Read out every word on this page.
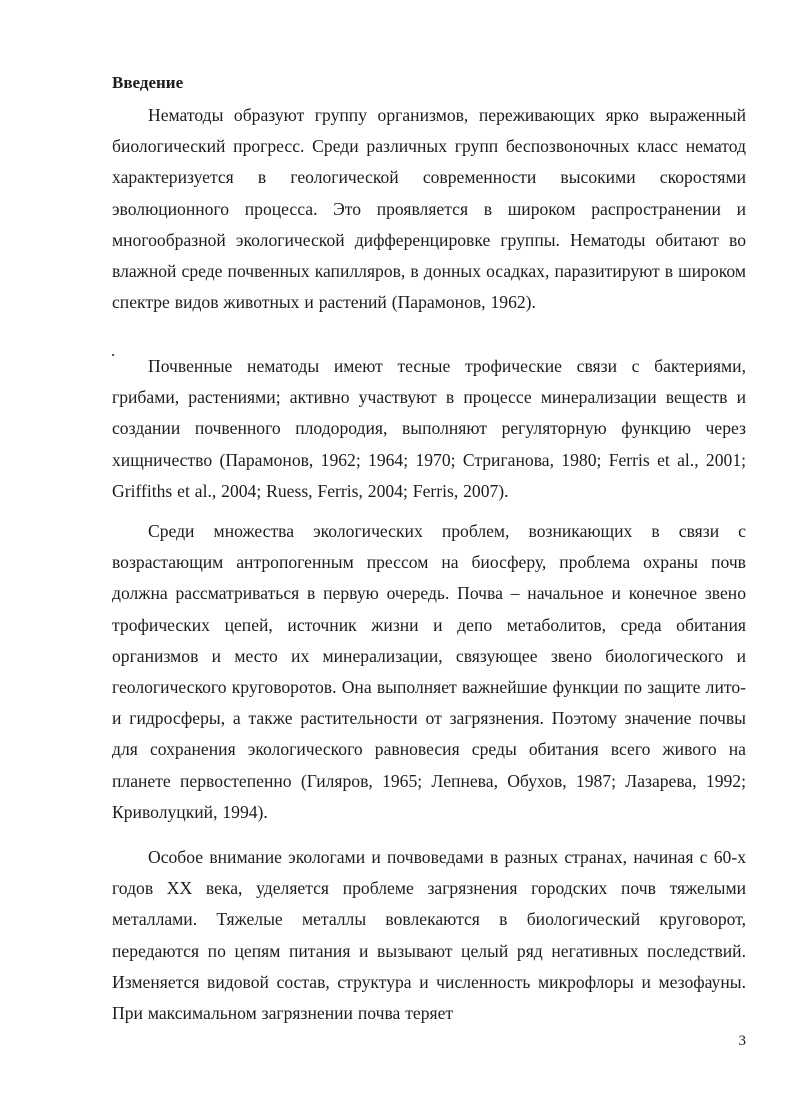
Введение

Нематоды образуют группу организмов, переживающих ярко выраженный биологический прогресс. Среди различных групп беспозвоночных класс нематод характеризуется в геологической современности высокими скоростями эволюционного процесса. Это проявляется в широком распространении и многообразной экологической дифференцировке группы. Нематоды обитают во влажной среде почвенных капилляров, в донных осадках, паразитируют в широком спектре видов животных и растений (Парамонов, 1962).

Почвенные нематоды имеют тесные трофические связи с бактериями, грибами, растениями; активно участвуют в процессе минерализации веществ и создании почвенного плодородия, выполняют регуляторную функцию через хищничество (Парамонов, 1962; 1964; 1970; Стриганова, 1980; Ferris et al., 2001; Griffiths et al., 2004; Ruess, Ferris, 2004; Ferris, 2007).

Среди множества экологических проблем, возникающих в связи с возрастающим антропогенным прессом на биосферу, проблема охраны почв должна рассматриваться в первую очередь. Почва – начальное и конечное звено трофических цепей, источник жизни и депо метаболитов, среда обитания организмов и место их минерализации, связующее звено биологического и геологического круговоротов. Она выполняет важнейшие функции по защите лито- и гидросферы, а также растительности от загрязнения. Поэтому значение почвы для сохранения экологического равновесия среды обитания всего живого на планете первостепенно (Гиляров, 1965; Лепнева, Обухов, 1987; Лазарева, 1992; Криволуцкий, 1994).

Особое внимание экологами и почвоведами в разных странах, начиная с 60-х годов XX века, уделяется проблеме загрязнения городских почв тяжелыми металлами. Тяжелые металлы вовлекаются в биологический круговорот, передаются по цепям питания и вызывают целый ряд негативных последствий. Изменяется видовой состав, структура и численность микрофлоры и мезофауны. При максимальном загрязнении почва теряет

3
